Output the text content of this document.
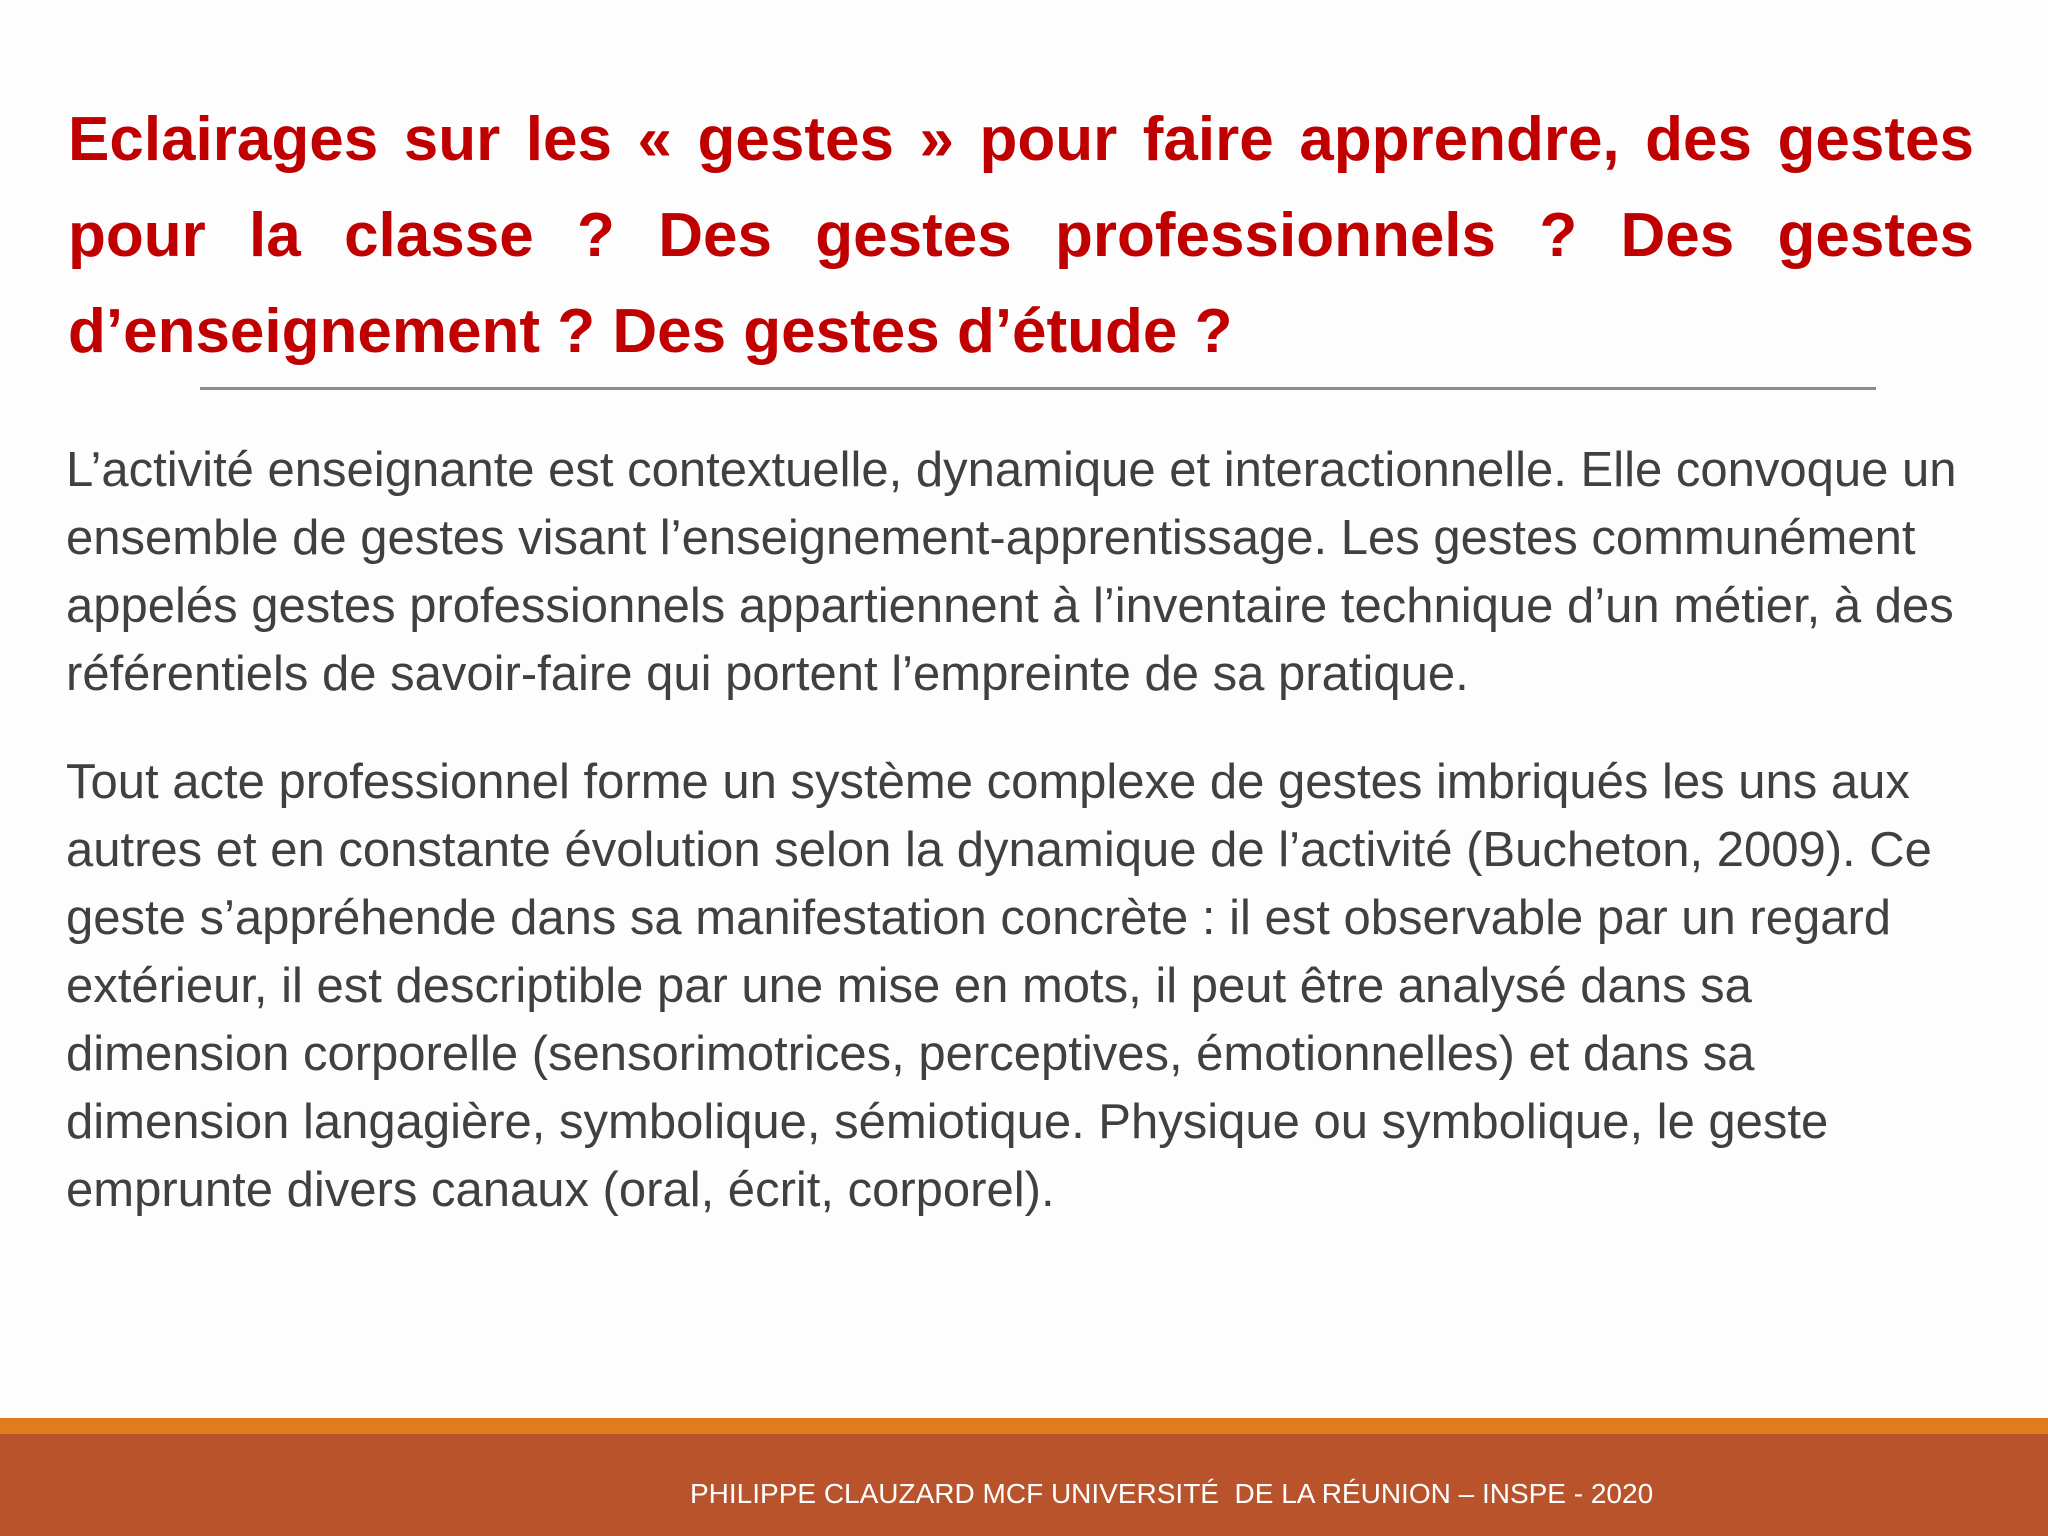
Eclairages sur les « gestes » pour faire apprendre, des gestes pour la classe ? Des gestes professionnels ? Des gestes d’enseignement ? Des gestes d’étude ?

L’activité enseignante est contextuelle, dynamique et interactionnelle. Elle convoque un ensemble de gestes visant l’enseignement-apprentissage. Les gestes communément appelés gestes professionnels appartiennent à l’inventaire technique d’un métier, à des référentiels de savoir-faire qui portent l’empreinte de sa pratique.

Tout acte professionnel forme un système complexe de gestes imbriqués les uns aux autres et en constante évolution selon la dynamique de l’activité (Bucheton, 2009). Ce geste s’appréhende dans sa manifestation concrète : il est observable par un regard extérieur, il est descriptible par une mise en mots, il peut être analysé dans sa dimension corporelle (sensorimotrices, perceptives, émotionnelles) et dans sa dimension langagière, symbolique, sémiotique. Physique ou symbolique, le geste emprunte divers canaux (oral, écrit, corporel).

PHILIPPE CLAUZARD MCF UNIVERSITÉ  DE LA RÉUNION – INSPE - 2020
